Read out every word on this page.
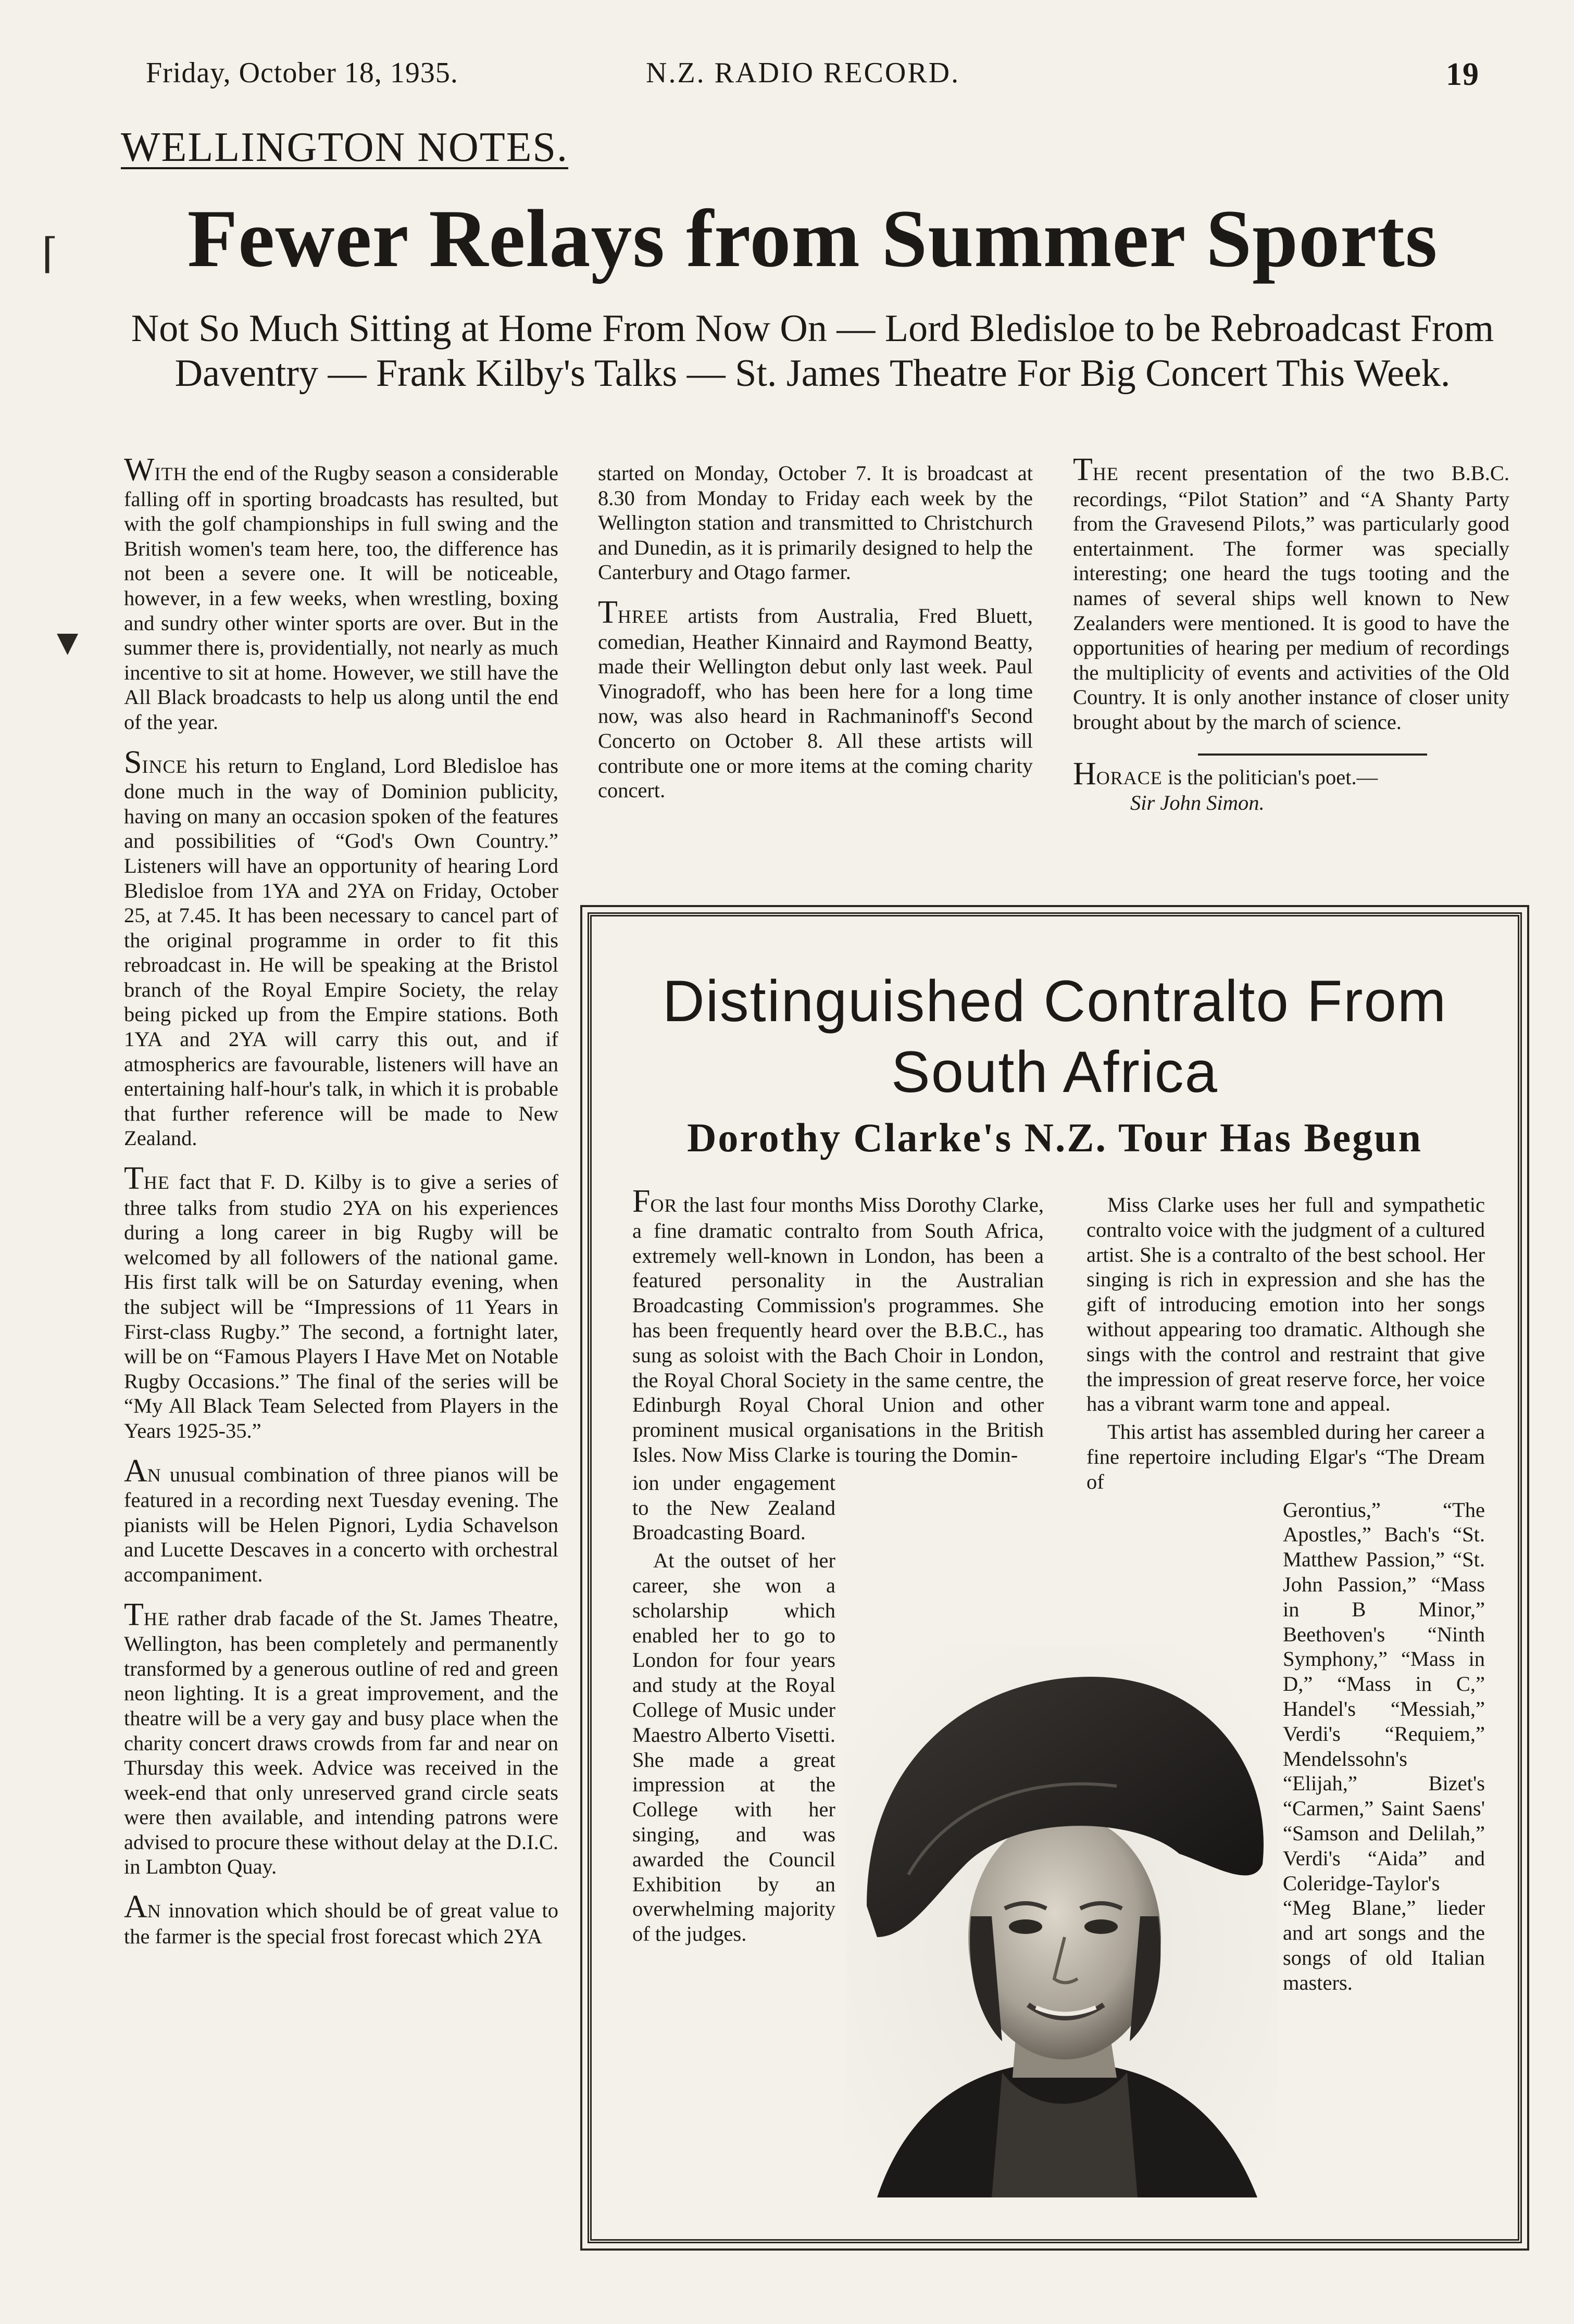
Friday, October 18, 1935.	N.Z. RADIO RECORD.	19
WELLINGTON NOTES.
Fewer Relays from Summer Sports
Not So Much Sitting at Home From Now On — Lord Bledisloe to be Rebroadcast From Daventry — Frank Kilby's Talks — St. James Theatre For Big Concert This Week.

WITH the end of the Rugby season a considerable falling off in sporting broadcasts has resulted, but with the golf championships in full swing and the British women's team here, too, the difference has not been a severe one. It will be noticeable, however, in a few weeks, when wrestling, boxing and sundry other winter sports are over. But in the summer there is, providentially, not nearly as much incentive to sit at home. However, we still have the All Black broadcasts to help us along until the end of the year.

SINCE his return to England, Lord Bledisloe has done much in the way of Dominion publicity, having on many an occasion spoken of the features and possibilities of “God's Own Country.” Listeners will have an opportunity of hearing Lord Bledisloe from 1YA and 2YA on Friday, October 25, at 7.45. It has been necessary to cancel part of the original programme in order to fit this rebroadcast in. He will be speaking at the Bristol branch of the Royal Empire Society, the relay being picked up from the Empire stations. Both 1YA and 2YA will carry this out, and if atmospherics are favourable, listeners will have an entertaining half-hour's talk, in which it is probable that further reference will be made to New Zealand.

THE fact that F. D. Kilby is to give a series of three talks from studio 2YA on his experiences during a long career in big Rugby will be welcomed by all followers of the national game. His first talk will be on Saturday evening, when the subject will be “Impressions of 11 Years in First-class Rugby.” The second, a fortnight later, will be on “Famous Players I Have Met on Notable Rugby Occasions.” The final of the series will be “My All Black Team Selected from Players in the Years 1925-35.”

AN unusual combination of three pianos will be featured in a recording next Tuesday evening. The pianists will be Helen Pignori, Lydia Schavelson and Lucette Descaves in a concerto with orchestral accompaniment.

THE rather drab facade of the St. James Theatre, Wellington, has been completely and permanently transformed by a generous outline of red and green neon lighting. It is a great improvement, and the theatre will be a very gay and busy place when the charity concert draws crowds from far and near on Thursday this week. Advice was received in the week-end that only unreserved grand circle seats were then available, and intending patrons were advised to procure these without delay at the D.I.C. in Lambton Quay.

AN innovation which should be of great value to the farmer is the special frost forecast which 2YA

started on Monday, October 7. It is broadcast at 8.30 from Monday to Friday each week by the Wellington station and transmitted to Christchurch and Dunedin, as it is primarily designed to help the Canterbury and Otago farmer.

THREE artists from Australia, Fred Bluett, comedian, Heather Kinnaird and Raymond Beatty, made their Wellington debut only last week. Paul Vinogradoff, who has been here for a long time now, was also heard in Rachmaninoff's Second Concerto on October 8. All these artists will contribute one or more items at the coming charity concert.

THE recent presentation of the two B.B.C. recordings, “Pilot Station” and “A Shanty Party from the Gravesend Pilots,” was particularly good entertainment. The former was specially interesting; one heard the tugs tooting and the names of several ships well known to New Zealanders were mentioned. It is good to have the opportunities of hearing per medium of recordings the multiplicity of events and activities of the Old Country. It is only another instance of closer unity brought about by the march of science.

HORACE is the politician's poet.—

Sir John Simon.
Distinguished Contralto From
South Africa
Dorothy Clarke's N.Z. Tour Has Begun

FOR the last four months Miss Dorothy Clarke, a fine dramatic contralto from South Africa, extremely well-known in London, has been a featured personality in the Australian Broadcasting Commission's programmes. She has been frequently heard over the B.B.C., has sung as soloist with the Bach Choir in London, the Royal Choral Society in the same centre, the Edinburgh Royal Choral Union and other prominent musical organisations in the British Isles. Now Miss Clarke is touring the Domin-

ion under engagement to the New Zealand Broadcasting Board.

At the outset of her career, she won a scholarship which enabled her to go to London for four years and study at the Royal College of Music under Maestro Alberto Visetti. She made a great impression at the College with her singing, and was awarded the Council Exhibition by an overwhelming majority of the judges.

Miss Clarke uses her full and sympathetic contralto voice with the judgment of a cultured artist. She is a contralto of the best school. Her singing is rich in expression and she has the gift of introducing emotion into her songs without appearing too dramatic. Although she sings with the control and restraint that give the impression of great reserve force, her voice has a vibrant warm tone and appeal.

This artist has assembled during her career a fine repertoire including Elgar's “The Dream of

Gerontius,” “The Apostles,” Bach's “St. Matthew Passion,” “St. John Passion,” “Mass in B Minor,” Beethoven's “Ninth Symphony,” “Mass in D,” “Mass in C,” Handel's “Messiah,” Verdi's “Requiem,” Mendelssohn's “Elijah,” Bizet's “Carmen,” Saint Saens' “Samson and Delilah,” Verdi's “Aida” and Coleridge-Taylor's “Meg Blane,” lieder and art songs and the songs of old Italian masters.

▼
⌈
